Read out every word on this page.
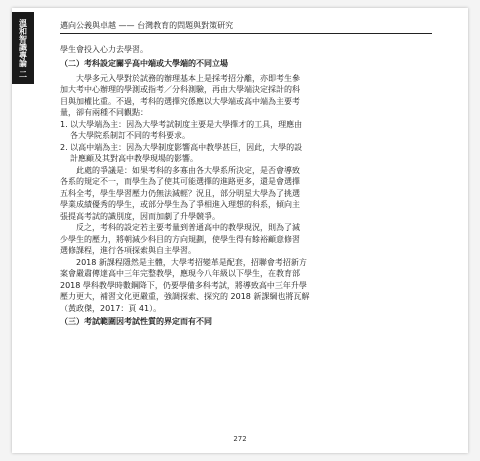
溫和智識專論 二	邁向公義與卓越 —— 台灣教育的問題與對策研究
學生會投入心力去學習。
（二）考科設定關乎高中端或大學端的不同立場
大學多元入學對於試務的辦理基本上是採考招分離，亦即考生參
加大考中心辦理的學測或指考／分科測驗，再由大學端決定採計的科
目與加權比重。不過，考科的選擇究係應以大學端或高中端為主要考
量，卻有兩種不同觀點：
1. 以大學端為主：因為大學考試制度主要是大學擇才的工具，理應由
各大學院系制訂不同的考科要求。
2. 以高中端為主：因為大學制度影響高中教學甚巨，因此，大學的設
計應顧及其對高中教學現場的影響。
此處的爭議是：如果考科的多寡由各大學系所決定，是否會導致
各系的規定不一，而學生為了使其可能選擇的進路更多，還是會選擇
五科全考，學生學習壓力仍無法減輕？況且，部分明星大學為了挑選
學業成績優秀的學生，或部分學生為了爭相進入理想的科系，傾向主
張提高考試的識別度，因而加劇了升學競爭。
反之，考科的設定若主要考量到普通高中的教學現況，則為了減
少學生的壓力，將朝減少科目的方向規劃，使學生得有餘裕顧意修習
選修課程，進行各項探索與自主學習。
2018 新課程隱然是主體，大學考招變革是配套，招聯會考招新方
案會嚴肅傳達高中三年完整教學，應現今八年級以下學生，在教育部
2018 學科教學時數鋼降下，仍要學備多科考試，將導致高中三年升學
壓力更大，補習文化更嚴重，強調探索、探究的 2018 新課綱也將瓦解
（黃政傑，2017：頁 41）。
（三）考試範圍因考試性質的界定而有不同
272
